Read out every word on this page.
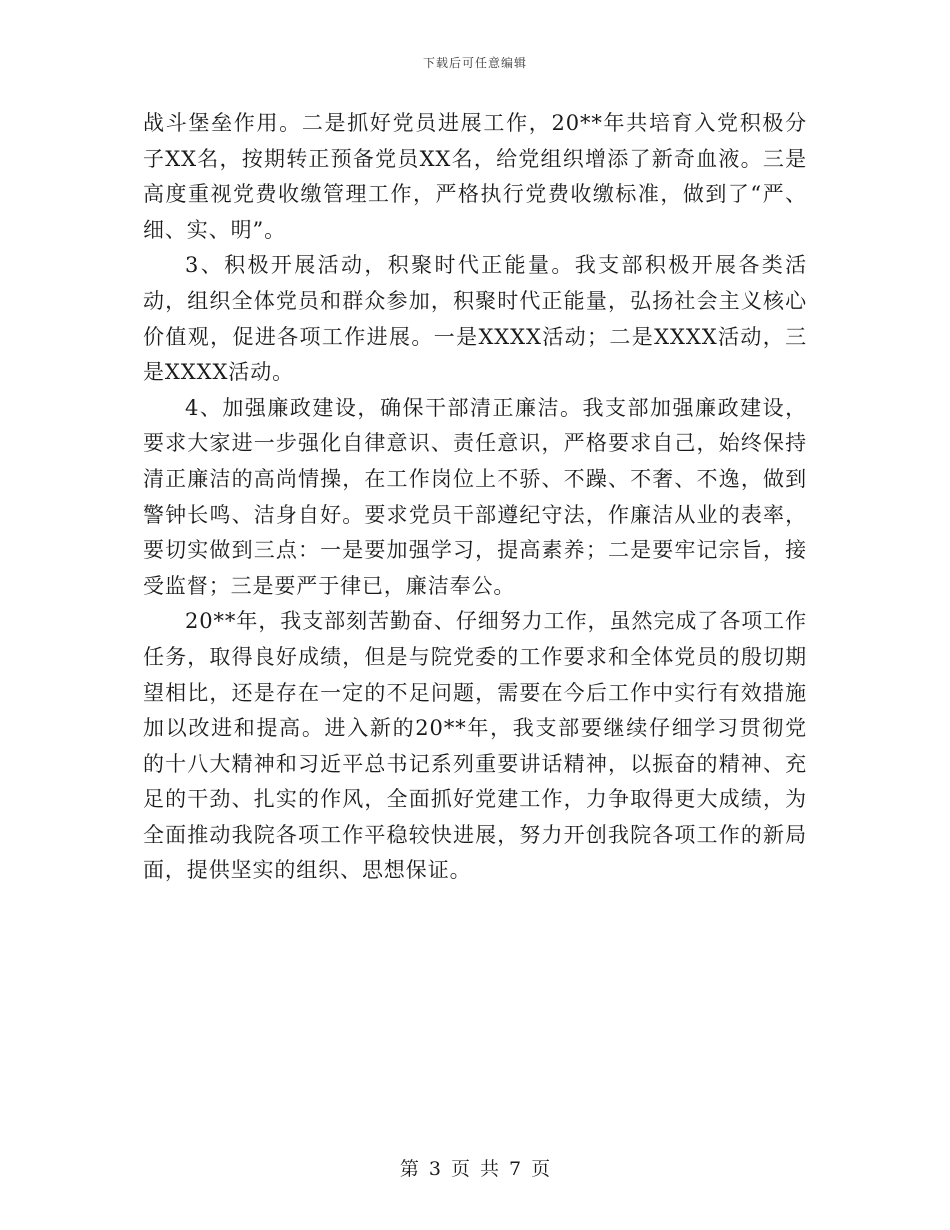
下载后可任意编辑

战斗堡垒作用。二是抓好党员进展工作，20**年共培育入党积极分子XX名，按期转正预备党员XX名，给党组织增添了新奇血液。三是高度重视党费收缴管理工作，严格执行党费收缴标准，做到了“严、细、实、明”。

3、积极开展活动，积聚时代正能量。我支部积极开展各类活动，组织全体党员和群众参加，积聚时代正能量，弘扬社会主义核心价值观，促进各项工作进展。一是XXXX活动；二是XXXX活动，三是XXXX活动。

4、加强廉政建设，确保干部清正廉洁。我支部加强廉政建设，要求大家进一步强化自律意识、责任意识，严格要求自己，始终保持清正廉洁的高尚情操，在工作岗位上不骄、不躁、不奢、不逸，做到警钟长鸣、洁身自好。要求党员干部遵纪守法，作廉洁从业的表率，要切实做到三点：一是要加强学习，提高素养；二是要牢记宗旨，接受监督；三是要严于律已，廉洁奉公。

20**年，我支部刻苦勤奋、仔细努力工作，虽然完成了各项工作任务，取得良好成绩，但是与院党委的工作要求和全体党员的殷切期望相比，还是存在一定的不足问题，需要在今后工作中实行有效措施加以改进和提高。进入新的20**年，我支部要继续仔细学习贯彻党的十八大精神和习近平总书记系列重要讲话精神，以振奋的精神、充足的干劲、扎实的作风，全面抓好党建工作，力争取得更大成绩，为全面推动我院各项工作平稳较快进展，努力开创我院各项工作的新局面，提供坚实的组织、思想保证。

第 3 页 共 7 页
